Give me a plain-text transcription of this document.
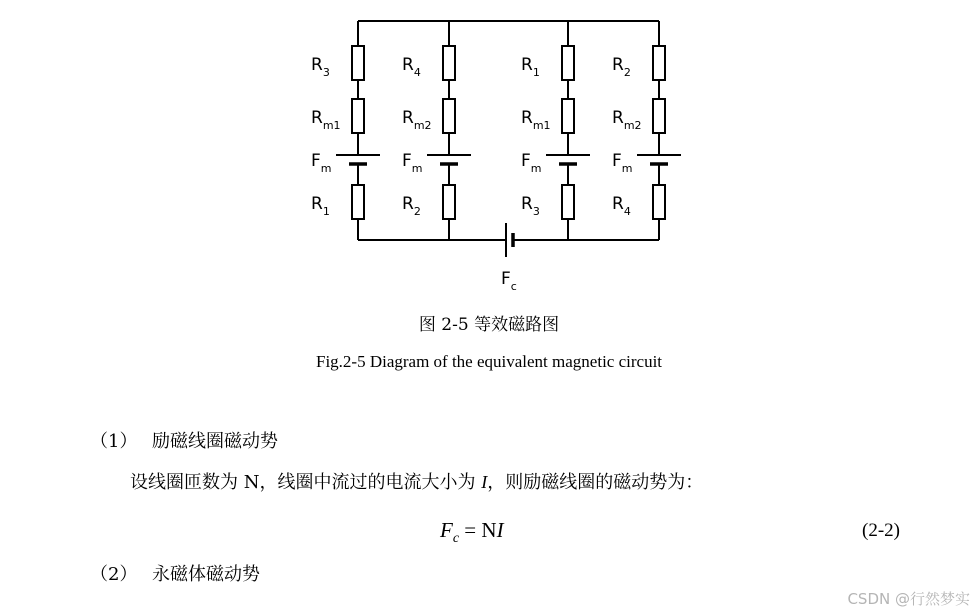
$R_3$
$R_{m1}$
$F_m$
$R_1$
$R_4$
$R_{m2}$
$F_m$
$R_2$
$R_1$
$R_{m1}$
$F_m$
$R_3$
$R_2$
$R_{m2}$
$F_m$
$R_4$
$F_c$
图 2-5 等效磁路图
Fig.2-5 Diagram of the equivalent magnetic circuit
（1） 励磁线圈磁动势
设线圈匝数为 N，线圈中流过的电流大小为 I，则励磁线圈的磁动势为：
$F_c$ = NI	(2-2)
（2） 永磁体磁动势
CSDN @行然梦实
